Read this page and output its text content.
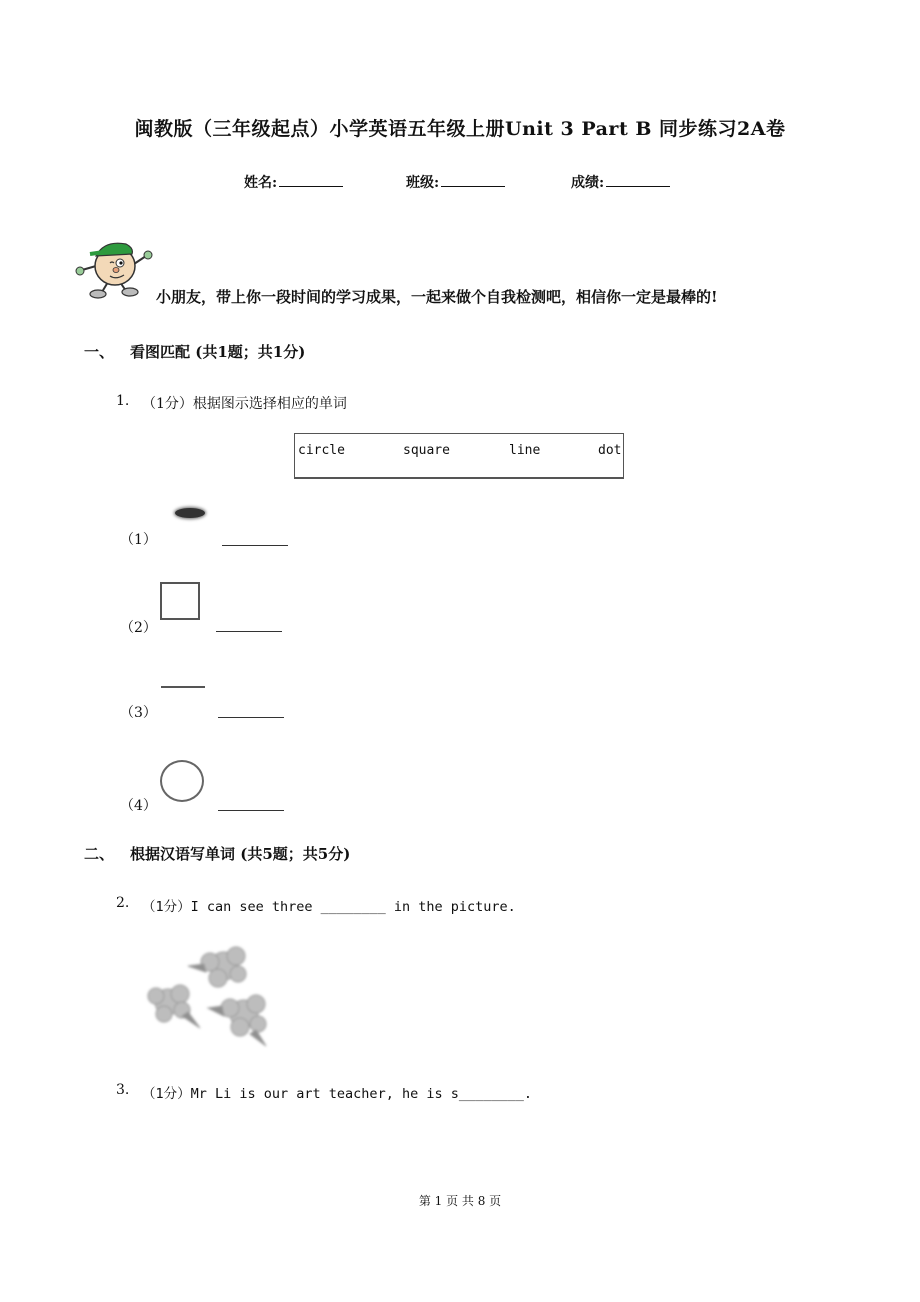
闽教版（三年级起点）小学英语五年级上册Unit 3 Part B 同步练习2A卷
姓名:	班级:	成绩:
小朋友，带上你一段时间的学习成果，一起来做个自我检测吧，相信你一定是最棒的!
一、 看图匹配 (共1题；共1分)
1. （1分）根据图示选择相应的单词
circle	square	line	dot
（1）
（2）
（3）
（4）
二、 根据汉语写单词 (共5题；共5分)
2. （1分）I can see three ________ in the picture.
3. （1分）Mr Li is our art teacher, he is s________.
第 1 页 共 8 页
